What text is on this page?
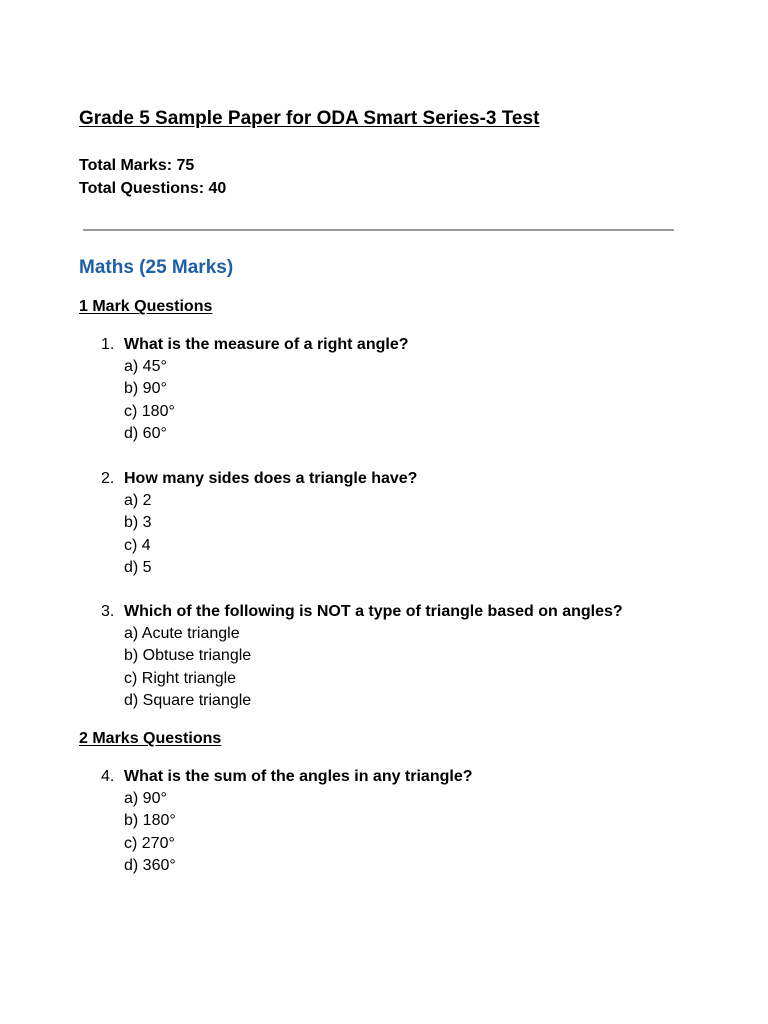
Grade 5 Sample Paper for ODA Smart Series-3 Test
Total Marks: 75
Total Questions: 40
Maths (25 Marks)
1 Mark Questions
1. What is the measure of a right angle?
a) 45°
b) 90°
c) 180°
d) 60°
2. How many sides does a triangle have?
a) 2
b) 3
c) 4
d) 5
3. Which of the following is NOT a type of triangle based on angles?
a) Acute triangle
b) Obtuse triangle
c) Right triangle
d) Square triangle
2 Marks Questions
4. What is the sum of the angles in any triangle?
a) 90°
b) 180°
c) 270°
d) 360°
